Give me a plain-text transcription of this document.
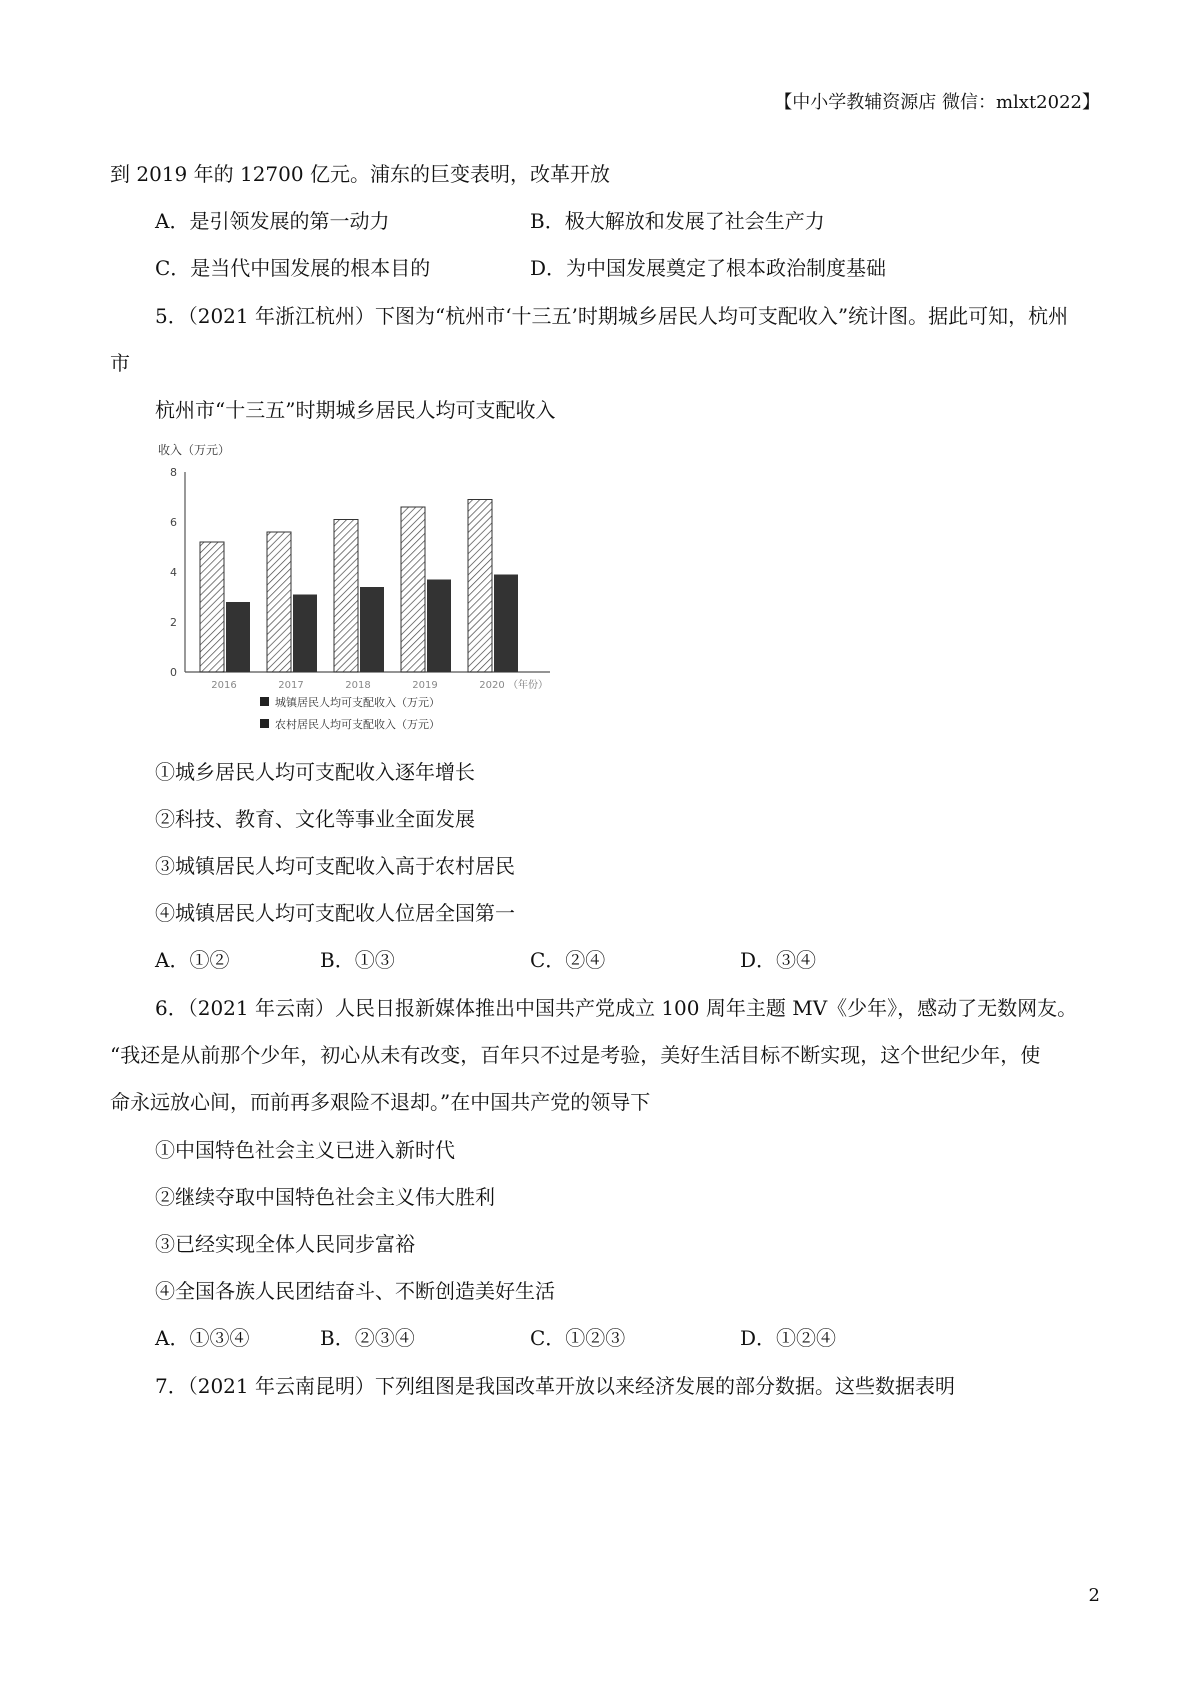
【中小学教辅资源店 微信：mlxt2022】
到 2019 年的 12700 亿元。浦东的巨变表明，改革开放
A．是引领发展的第一动力	B．极大解放和发展了社会生产力
C．是当代中国发展的根本目的	D．为中国发展奠定了根本政治制度基础
5．（2021 年浙江杭州）下图为“杭州市‘十三五’时期城乡居民人均可支配收入”统计图。据此可知，杭州
市
杭州市“十三五”时期城乡居民人均可支配收入
收入（万元）
0
2
4
6
8
2016	2017	2018	2019	2020 （年份）
城镇居民人均可支配收入（万元）
农村居民人均可支配收入（万元）
①城乡居民人均可支配收入逐年增长
②科技、教育、文化等事业全面发展
③城镇居民人均可支配收入高于农村居民
④城镇居民人均可支配收人位居全国第一
A．①②	B．①③	C．②④	D．③④
6．（2021 年云南）人民日报新媒体推出中国共产党成立 100 周年主题 MV《少年》，感动了无数网友。
“我还是从前那个少年，初心从未有改变，百年只不过是考验，美好生活目标不断实现，这个世纪少年，使
命永远放心间，而前再多艰险不退却。”在中国共产党的领导下
①中国特色社会主义已进入新时代
②继续夺取中国特色社会主义伟大胜利
③已经实现全体人民同步富裕
④全国各族人民团结奋斗、不断创造美好生活
A．①③④	B．②③④	C．①②③	D．①②④
7．（2021 年云南昆明）下列组图是我国改革开放以来经济发展的部分数据。这些数据表明
2
